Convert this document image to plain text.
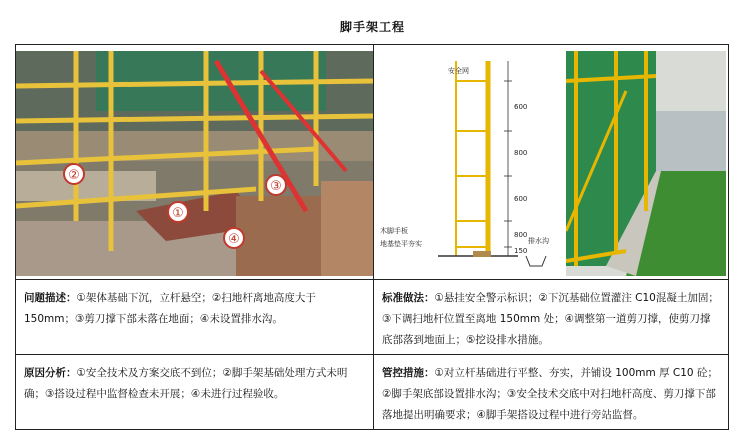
脚手架工程
②
①
③
④
600
800
600
800
150
安全网
木脚手板
地基垫平夯实	排水沟
问题描述：①架体基础下沉，立杆悬空；②扫地杆离地高度大于 150mm；③剪刀撑下部未落在地面；④未设置排水沟。
标准做法：①悬挂安全警示标识；②下沉基础位置灌注 C10混凝土加固；③下调扫地杆位置至离地 150mm 处；④调整第一道剪刀撑，使剪刀撑底部落到地面上；⑤挖设排水措施。
原因分析：①安全技术及方案交底不到位；②脚手架基础处理方式未明确；③搭设过程中监督检查未开展；④未进行过程验收。
管控措施：①对立杆基础进行平整、夯实，并铺设 100mm 厚 C10 砼；②脚手架底部设置排水沟；③安全技术交底中对扫地杆高度、剪刀撑下部落地提出明确要求；④脚手架搭设过程中进行旁站监督。
